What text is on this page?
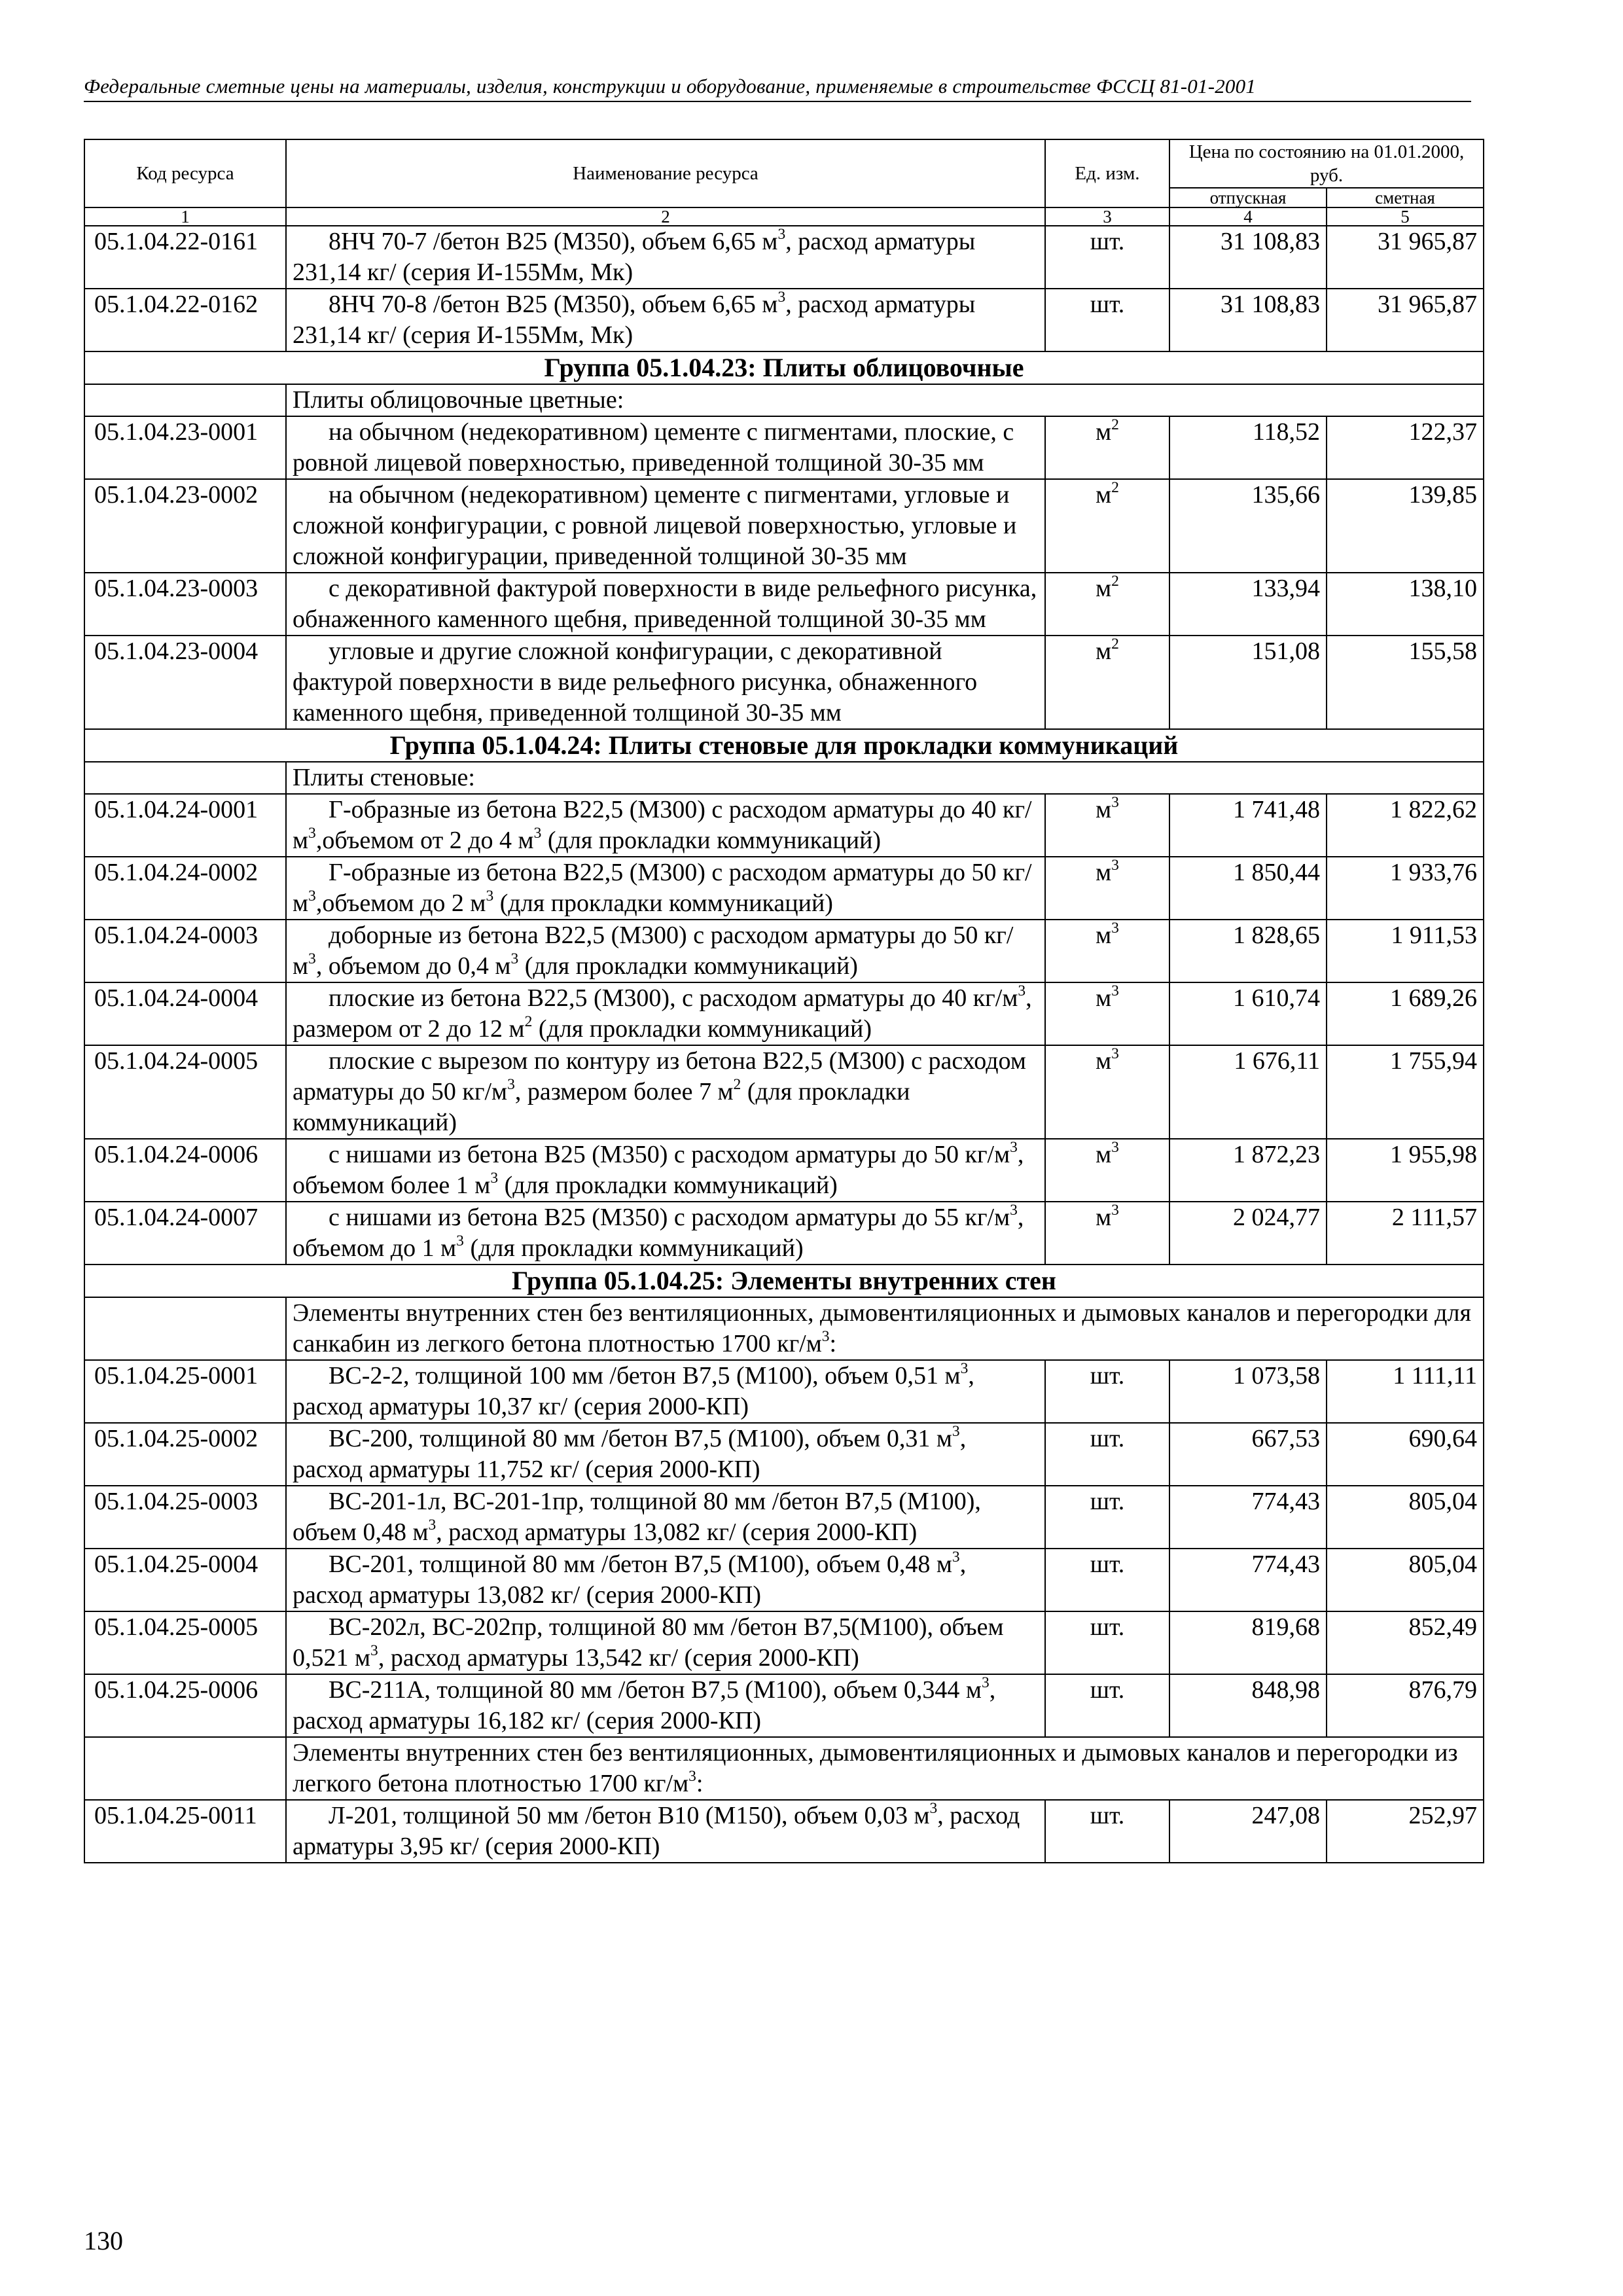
Федеральные сметные цены на материалы, изделия, конструкции и оборудование, применяемые в строительстве ФССЦ 81-01-2001
Код ресурса	Наименование ресурса	Ед. изм.	Цена по состоянию на 01.01.2000, руб.	
			отпускная	сметная
1	2	3	4	5
05.1.04.22-0161	8НЧ 70-7 /бетон В25 (М350), объем 6,65 $м^3$, расход арматуры 231,14 кг/ (серия И-155Мм, Мк)	шт.	31 108,83	31 965,87
05.1.04.22-0162	8НЧ 70-8 /бетон В25 (М350), объем 6,65 $м^3$, расход арматуры 231,14 кг/ (серия И-155Мм, Мк)	шт.	31 108,83	31 965,87
Группа 05.1.04.23: Плиты облицовочные				
	Плиты облицовочные цветные:			
05.1.04.23-0001	на обычном (недекоративном) цементе с пигментами, плоские, с ровной лицевой поверхностью, приведенной толщиной 30-35 мм	$м^2$	118,52	122,37
05.1.04.23-0002	на обычном (недекоративном) цементе с пигментами, угловые и сложной конфигурации, с ровной лицевой поверхностью, угловые и сложной конфигурации, приведенной толщиной 30-35 мм	$м^2$	135,66	139,85
05.1.04.23-0003	с декоративной фактурой поверхности в виде рельефного рисунка, обнаженного каменного щебня, приведенной толщиной 30-35 мм	$м^2$	133,94	138,10
05.1.04.23-0004	угловые и другие сложной конфигурации, с декоративной фактурой поверхности в виде рельефного рисунка, обнаженного каменного щебня, приведенной толщиной 30-35 мм	$м^2$	151,08	155,58
Группа 05.1.04.24: Плиты стеновые для прокладки коммуникаций				
	Плиты стеновые:			
05.1.04.24-0001	Г-образные из бетона В22,5 (М300) с расходом арматуры до 40 $кг/м^3,объемом$ от 2 до 4 $м^3$ (для прокладки коммуникаций)	$м^3$	1 741,48	1 822,62
05.1.04.24-0002	Г-образные из бетона В22,5 (М300) с расходом арматуры до 50 $кг/м^3,объемом$ до 2 $м^3$ (для прокладки коммуникаций)	$м^3$	1 850,44	1 933,76
05.1.04.24-0003	доборные из бетона В22,5 (М300) с расходом арматуры до 50 $кг/м^3$, объемом до 0,4 $м^3$ (для прокладки коммуникаций)	$м^3$	1 828,65	1 911,53
05.1.04.24-0004	плоские из бетона В22,5 (М300), с расходом арматуры до 40 $кг/м^3$, размером от 2 до 12 $м^2$ (для прокладки коммуникаций)	$м^3$	1 610,74	1 689,26
05.1.04.24-0005	плоские с вырезом по контуру из бетона В22,5 (М300) с расходом арматуры до 50 $кг/м^3$, размером более 7 $м^2$ (для прокладки коммуникаций)	$м^3$	1 676,11	1 755,94
05.1.04.24-0006	с нишами из бетона В25 (М350) с расходом арматуры до 50 $кг/м^3$, объемом более 1 $м^3$ (для прокладки коммуникаций)	$м^3$	1 872,23	1 955,98
05.1.04.24-0007	с нишами из бетона В25 (М350) с расходом арматуры до 55 $кг/м^3$, объемом до 1 $м^3$ (для прокладки коммуникаций)	$м^3$	2 024,77	2 111,57
Группа 05.1.04.25: Элементы внутренних стен				
	Элементы внутренних стен без вентиляционных, дымовентиляционных и дымовых каналов и перегородки для санкабин из легкого бетона плотностью 1700 $кг/м^3$:			
05.1.04.25-0001	ВС-2-2, толщиной 100 мм /бетон В7,5 (М100), объем 0,51 $м^3$, расход арматуры 10,37 кг/ (серия 2000-КП)	шт.	1 073,58	1 111,11
05.1.04.25-0002	ВС-200, толщиной 80 мм /бетон В7,5 (М100), объем 0,31 $м^3$, расход арматуры 11,752 кг/ (серия 2000-КП)	шт.	667,53	690,64
05.1.04.25-0003	ВС-201-1л, ВС-201-1пр, толщиной 80 мм /бетон В7,5 (М100), объем 0,48 $м^3$, расход арматуры 13,082 кг/ (серия 2000-КП)	шт.	774,43	805,04
05.1.04.25-0004	ВС-201, толщиной 80 мм /бетон В7,5 (М100), объем 0,48 $м^3$, расход арматуры 13,082 кг/ (серия 2000-КП)	шт.	774,43	805,04
05.1.04.25-0005	ВС-202л, ВС-202пр, толщиной 80 мм /бетон В7,5(М100), объем 0,521 $м^3$, расход арматуры 13,542 кг/ (серия 2000-КП)	шт.	819,68	852,49
05.1.04.25-0006	ВС-211А, толщиной 80 мм /бетон В7,5 (М100), объем 0,344 $м^3$, расход арматуры 16,182 кг/ (серия 2000-КП)	шт.	848,98	876,79
	Элементы внутренних стен без вентиляционных, дымовентиляционных и дымовых каналов и перегородки из легкого бетона плотностью 1700 $кг/м^3$:			
05.1.04.25-0011	Л-201, толщиной 50 мм /бетон В10 (М150), объем 0,03 $м^3$, расход арматуры 3,95 кг/ (серия 2000-КП)	шт.	247,08	252,97
130
